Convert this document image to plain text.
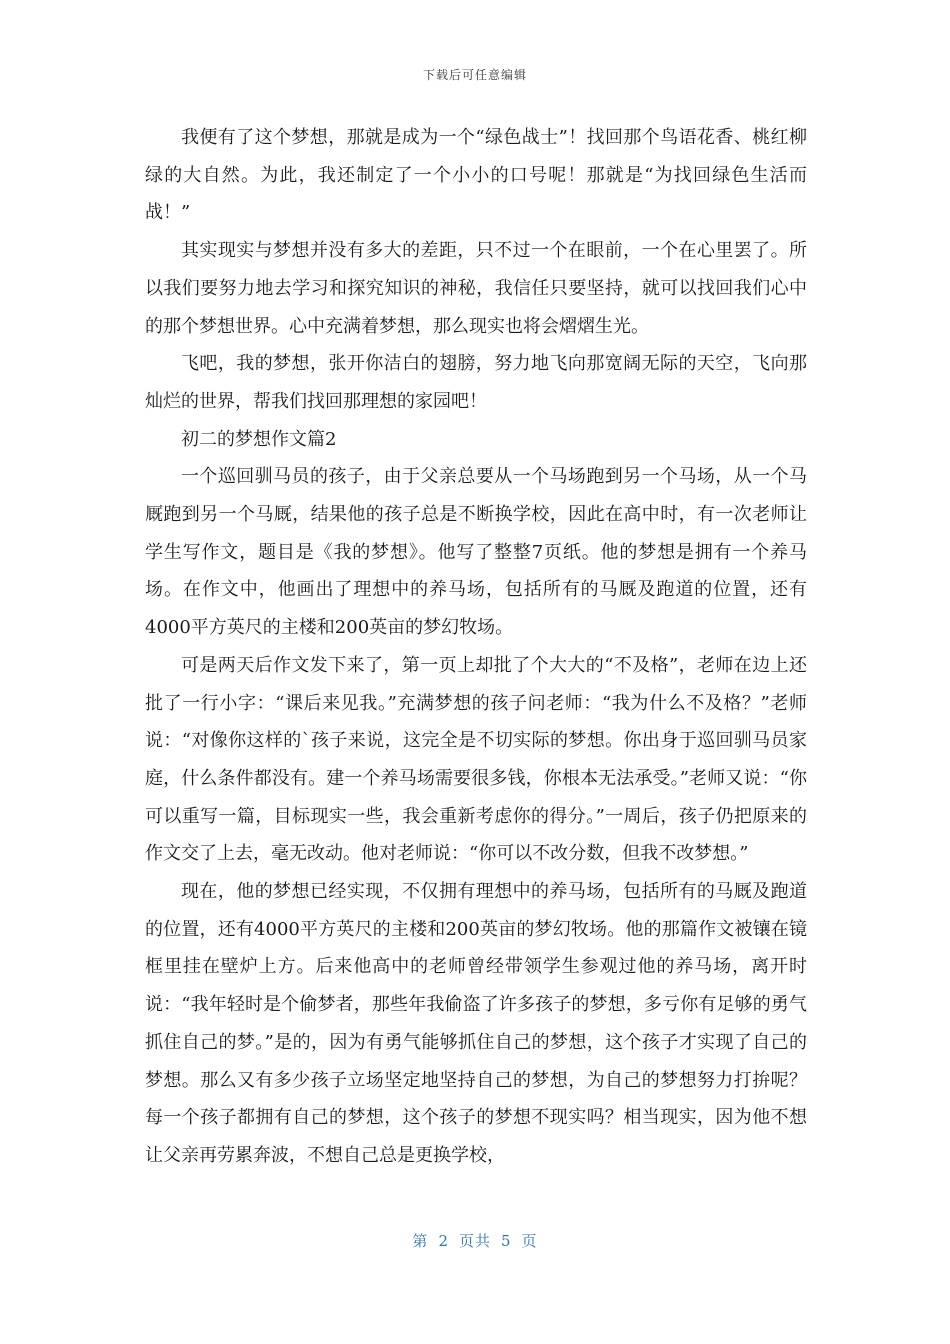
下载后可任意编辑

我便有了这个梦想，那就是成为一个“绿色战士”！找回那个鸟语花香、桃红柳绿的大自然。为此，我还制定了一个小小的口号呢！那就是“为找回绿色生活而战！”

其实现实与梦想并没有多大的差距，只不过一个在眼前，一个在心里罢了。所以我们要努力地去学习和探究知识的神秘，我信任只要坚持，就可以找回我们心中的那个梦想世界。心中充满着梦想，那么现实也将会熠熠生光。

飞吧，我的梦想，张开你洁白的翅膀，努力地飞向那宽阔无际的天空，飞向那灿烂的世界，帮我们找回那理想的家园吧！

初二的梦想作文篇2

一个巡回驯马员的孩子，由于父亲总要从一个马场跑到另一个马场，从一个马厩跑到另一个马厩，结果他的孩子总是不断换学校，因此在高中时，有一次老师让学生写作文，题目是《我的梦想》。他写了整整7页纸。他的梦想是拥有一个养马场。在作文中，他画出了理想中的养马场，包括所有的马厩及跑道的位置，还有4000平方英尺的主楼和200英亩的梦幻牧场。

可是两天后作文发下来了，第一页上却批了个大大的“不及格”，老师在边上还批了一行小字：“课后来见我。”充满梦想的孩子问老师：“我为什么不及格？”老师说：“对像你这样的`孩子来说，这完全是不切实际的梦想。你出身于巡回驯马员家庭，什么条件都没有。建一个养马场需要很多钱，你根本无法承受。”老师又说：“你可以重写一篇，目标现实一些，我会重新考虑你的得分。”一周后，孩子仍把原来的作文交了上去，毫无改动。他对老师说：“你可以不改分数，但我不改梦想。”

现在，他的梦想已经实现，不仅拥有理想中的养马场，包括所有的马厩及跑道的位置，还有4000平方英尺的主楼和200英亩的梦幻牧场。他的那篇作文被镶在镜框里挂在壁炉上方。后来他高中的老师曾经带领学生参观过他的养马场，离开时说：“我年轻时是个偷梦者，那些年我偷盗了许多孩子的梦想，多亏你有足够的勇气抓住自己的梦。”是的，因为有勇气能够抓住自己的梦想，这个孩子才实现了自己的梦想。那么又有多少孩子立场坚定地坚持自己的梦想，为自己的梦想努力打拚呢？每一个孩子都拥有自己的梦想，这个孩子的梦想不现实吗？相当现实，因为他不想让父亲再劳累奔波，不想自己总是更换学校，

第 2 页共 5 页
